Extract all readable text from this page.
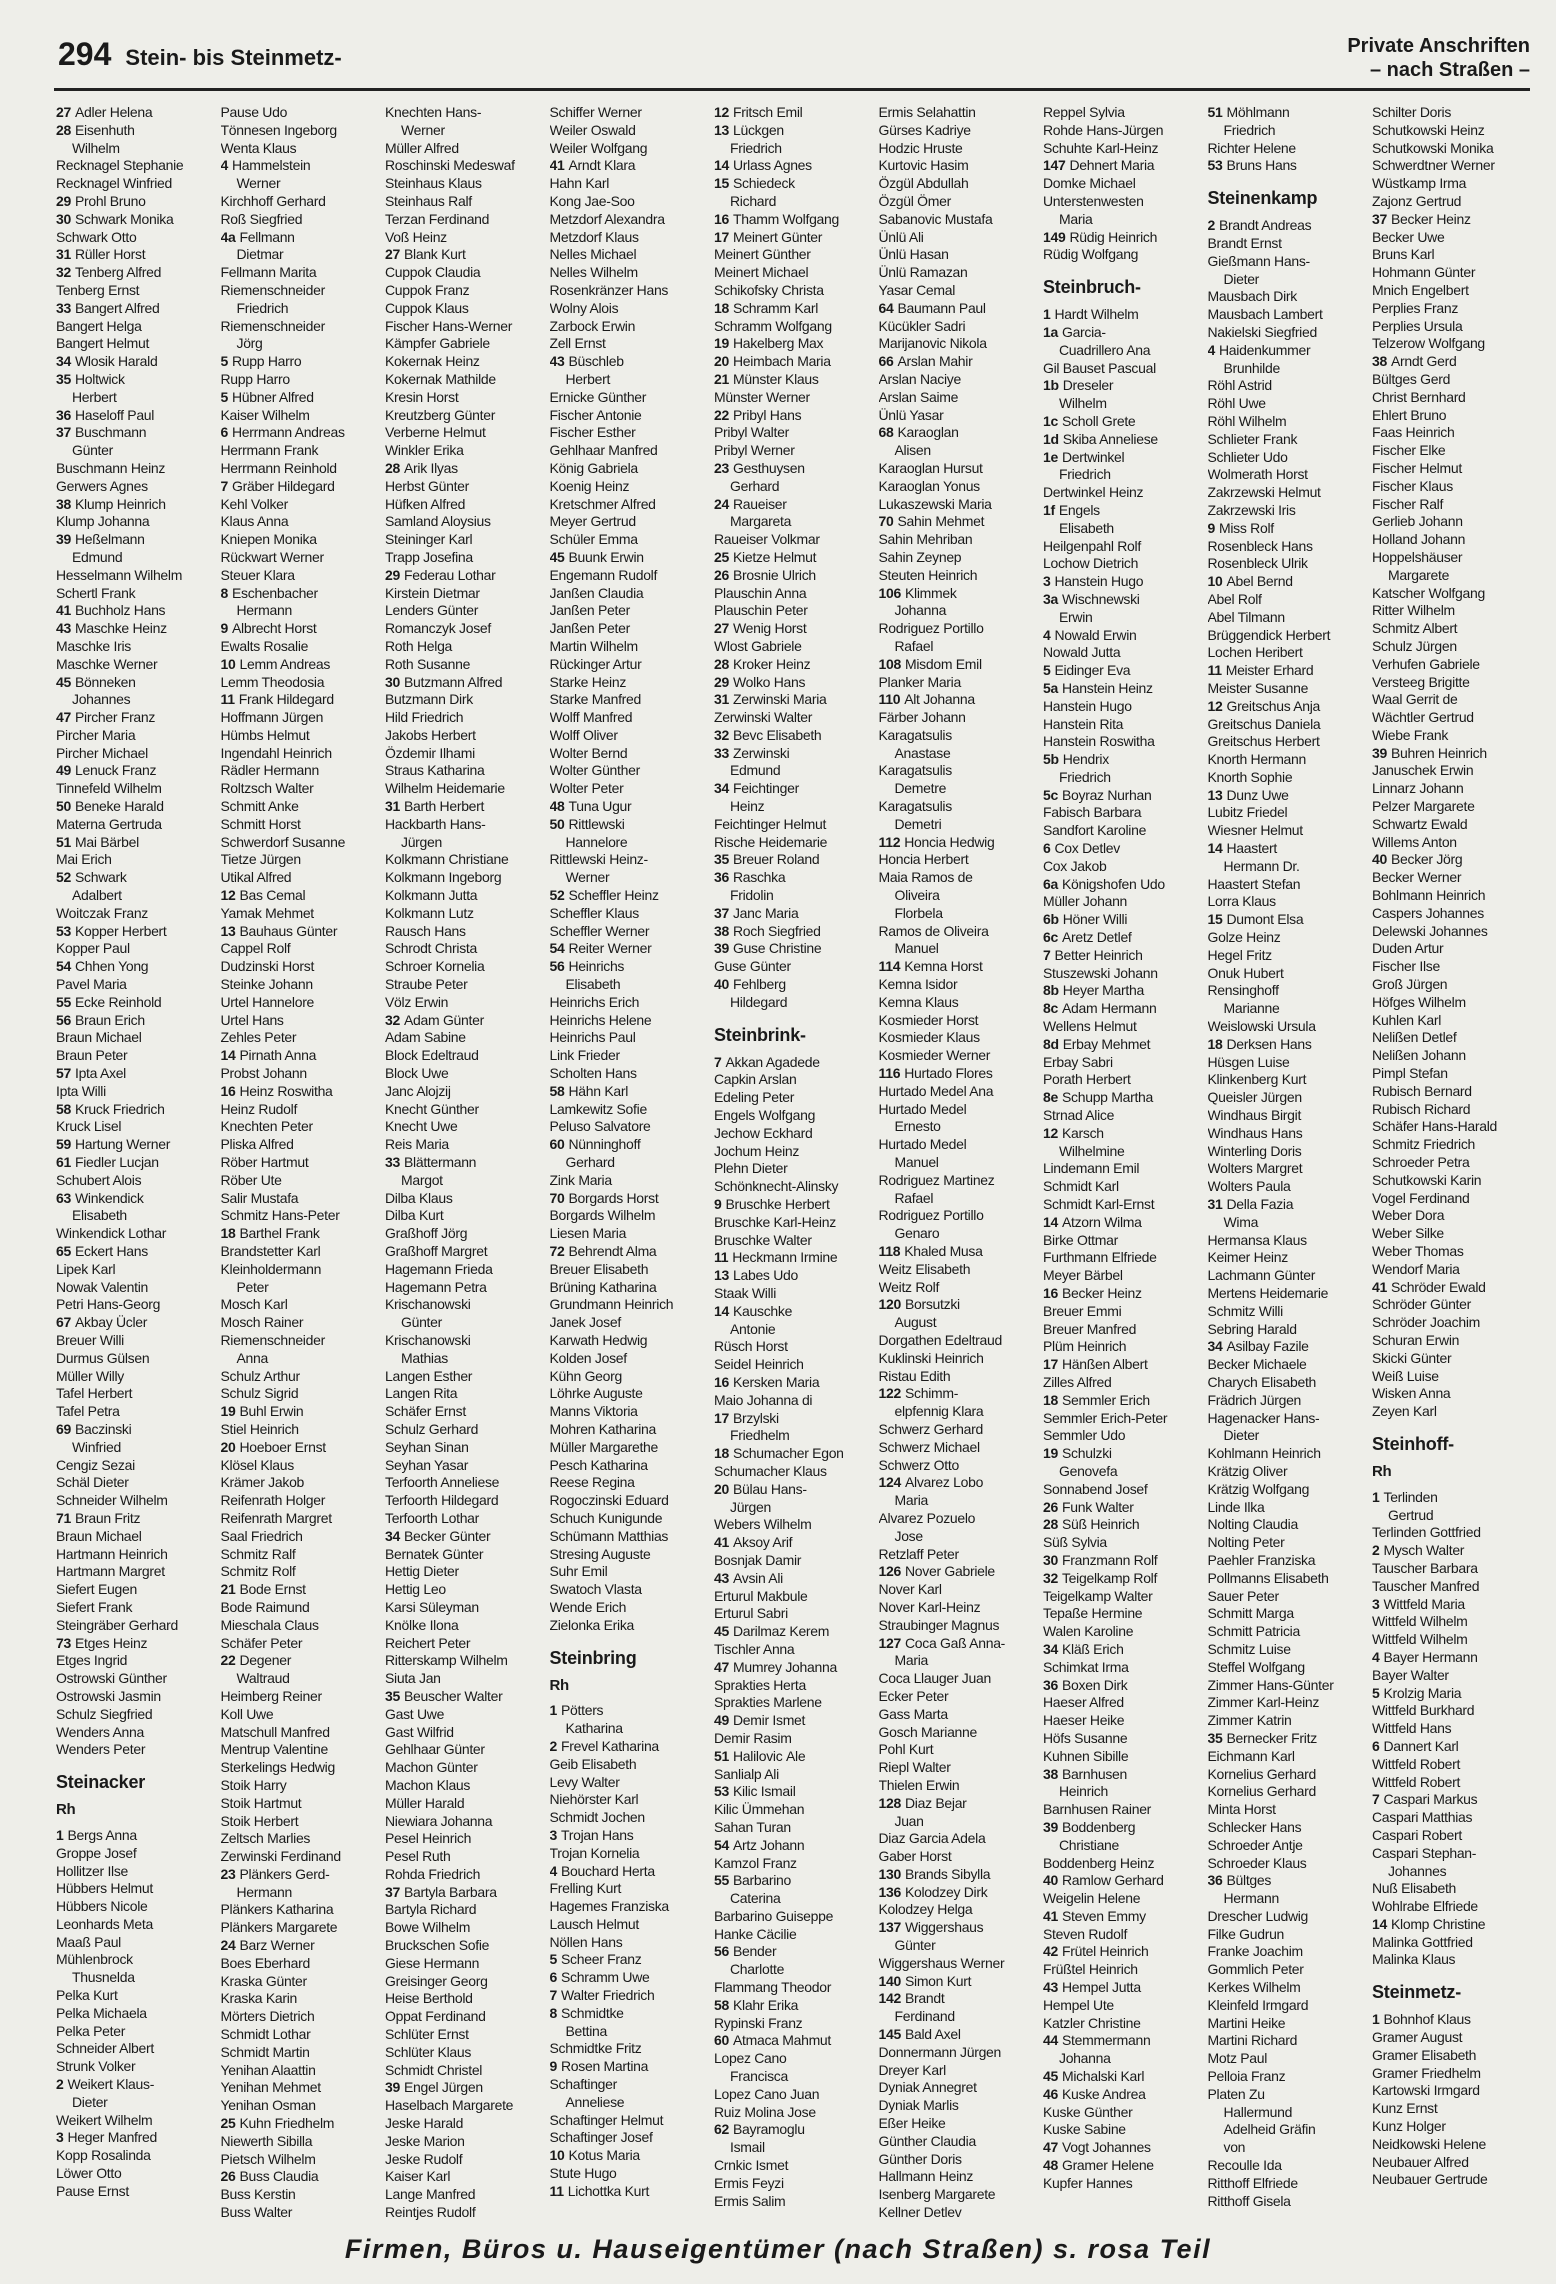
294 Stein- bis Steinmetz-	Private Anschriften
– nach Straßen –
27 Adler Helena
28 Eisenhuth
Wilhelm
Recknagel Stephanie
Recknagel Winfried
29 Prohl Bruno
30 Schwark Monika
Schwark Otto
31 Rüller Horst
32 Tenberg Alfred
Tenberg Ernst
33 Bangert Alfred
Bangert Helga
Bangert Helmut
34 Wlosik Harald
35 Holtwick
Herbert
36 Haseloff Paul
37 Buschmann
Günter
Buschmann Heinz
Gerwers Agnes
38 Klump Heinrich
Klump Johanna
39 Heßelmann
Edmund
Hesselmann Wilhelm
Schertl Frank
41 Buchholz Hans
43 Maschke Heinz
Maschke Iris
Maschke Werner
45 Bönneken
Johannes
47 Pircher Franz
Pircher Maria
Pircher Michael
49 Lenuck Franz
Tinnefeld Wilhelm
50 Beneke Harald
Materna Gertruda
51 Mai Bärbel
Mai Erich
52 Schwark
Adalbert
Woitczak Franz
53 Kopper Herbert
Kopper Paul
54 Chhen Yong
Pavel Maria
55 Ecke Reinhold
56 Braun Erich
Braun Michael
Braun Peter
57 Ipta Axel
Ipta Willi
58 Kruck Friedrich
Kruck Lisel
59 Hartung Werner
61 Fiedler Lucjan
Schubert Alois
63 Winkendick
Elisabeth
Winkendick Lothar
65 Eckert Hans
Lipek Karl
Nowak Valentin
Petri Hans-Georg
67 Akbay Ücler
Breuer Willi
Durmus Gülsen
Müller Willy
Tafel Herbert
Tafel Petra
69 Baczinski
Winfried
Cengiz Sezai
Schäl Dieter
Schneider Wilhelm
71 Braun Fritz
Braun Michael
Hartmann Heinrich
Hartmann Margret
Siefert Eugen
Siefert Frank
Steingräber Gerhard
73 Etges Heinz
Etges Ingrid
Ostrowski Günther
Ostrowski Jasmin
Schulz Siegfried
Wenders Anna
Wenders Peter
Steinacker
Rh
1 Bergs Anna
Groppe Josef
Hollitzer Ilse
Hübbers Helmut
Hübbers Nicole
Leonhards Meta
Maaß Paul
Mühlenbrock
Thusnelda
Pelka Kurt
Pelka Michaela
Pelka Peter
Schneider Albert
Strunk Volker
2 Weikert Klaus-
Dieter
Weikert Wilhelm
3 Heger Manfred
Kopp Rosalinda
Löwer Otto
Pause Ernst
Pause Udo
Tönnesen Ingeborg
Wenta Klaus
4 Hammelstein
Werner
Kirchhoff Gerhard
Roß Siegfried
4a Fellmann
Dietmar
Fellmann Marita
Riemenschneider
Friedrich
Riemenschneider
Jörg
5 Rupp Harro
Rupp Harro
5 Hübner Alfred
Kaiser Wilhelm
6 Herrmann Andreas
Herrmann Frank
Herrmann Reinhold
7 Gräber Hildegard
Kehl Volker
Klaus Anna
Kniepen Monika
Rückwart Werner
Steuer Klara
8 Eschenbacher
Hermann
9 Albrecht Horst
Ewalts Rosalie
10 Lemm Andreas
Lemm Theodosia
11 Frank Hildegard
Hoffmann Jürgen
Hümbs Helmut
Ingendahl Heinrich
Rädler Hermann
Roltzsch Walter
Schmitt Anke
Schmitt Horst
Schwerdorf Susanne
Tietze Jürgen
Utikal Alfred
12 Bas Cemal
Yamak Mehmet
13 Bauhaus Günter
Cappel Rolf
Dudzinski Horst
Steinke Johann
Urtel Hannelore
Urtel Hans
Zehles Peter
14 Pirnath Anna
Probst Johann
16 Heinz Roswitha
Heinz Rudolf
Knechten Peter
Pliska Alfred
Röber Hartmut
Röber Ute
Salir Mustafa
Schmitz Hans-Peter
18 Barthel Frank
Brandstetter Karl
Kleinholdermann
Peter
Mosch Karl
Mosch Rainer
Riemenschneider
Anna
Schulz Arthur
Schulz Sigrid
19 Buhl Erwin
Stiel Heinrich
20 Hoeboer Ernst
Klösel Klaus
Krämer Jakob
Reifenrath Holger
Reifenrath Margret
Saal Friedrich
Schmitz Ralf
Schmitz Rolf
21 Bode Ernst
Bode Raimund
Mieschala Claus
Schäfer Peter
22 Degener
Waltraud
Heimberg Reiner
Koll Uwe
Matschull Manfred
Mentrup Valentine
Sterkelings Hedwig
Stoik Harry
Stoik Hartmut
Stoik Herbert
Zeltsch Marlies
Zerwinski Ferdinand
23 Plänkers Gerd-
Hermann
Plänkers Katharina
Plänkers Margarete
24 Barz Werner
Boes Eberhard
Kraska Günter
Kraska Karin
Mörters Dietrich
Schmidt Lothar
Schmidt Martin
Yenihan Alaattin
Yenihan Mehmet
Yenihan Osman
25 Kuhn Friedhelm
Niewerth Sibilla
Pietsch Wilhelm
26 Buss Claudia
Buss Kerstin
Buss Walter
Knechten Hans-
Werner
Müller Alfred
Roschinski Medeswaf
Steinhaus Klaus
Steinhaus Ralf
Terzan Ferdinand
Voß Heinz
27 Blank Kurt
Cuppok Claudia
Cuppok Franz
Cuppok Klaus
Fischer Hans-Werner
Kämpfer Gabriele
Kokernak Heinz
Kokernak Mathilde
Kresin Horst
Kreutzberg Günter
Verberne Helmut
Winkler Erika
28 Arik Ilyas
Herbst Günter
Hüfken Alfred
Samland Aloysius
Steininger Karl
Trapp Josefina
29 Federau Lothar
Kirstein Dietmar
Lenders Günter
Romanczyk Josef
Roth Helga
Roth Susanne
30 Butzmann Alfred
Butzmann Dirk
Hild Friedrich
Jakobs Herbert
Özdemir Ilhami
Straus Katharina
Wilhelm Heidemarie
31 Barth Herbert
Hackbarth Hans-
Jürgen
Kolkmann Christiane
Kolkmann Ingeborg
Kolkmann Jutta
Kolkmann Lutz
Rausch Hans
Schrodt Christa
Schroer Kornelia
Straube Peter
Völz Erwin
32 Adam Günter
Adam Sabine
Block Edeltraud
Block Uwe
Janc Alojzij
Knecht Günther
Knecht Uwe
Reis Maria
33 Blättermann
Margot
Dilba Klaus
Dilba Kurt
Graßhoff Jörg
Graßhoff Margret
Hagemann Frieda
Hagemann Petra
Krischanowski
Günter
Krischanowski
Mathias
Langen Esther
Langen Rita
Schäfer Ernst
Schulz Gerhard
Seyhan Sinan
Seyhan Yasar
Terfoorth Anneliese
Terfoorth Hildegard
Terfoorth Lothar
34 Becker Günter
Bernatek Günter
Hettig Dieter
Hettig Leo
Karsi Süleyman
Knölke Ilona
Reichert Peter
Ritterskamp Wilhelm
Siuta Jan
35 Beuscher Walter
Gast Uwe
Gast Wilfrid
Gehlhaar Günter
Machon Günter
Machon Klaus
Müller Harald
Niewiara Johanna
Pesel Heinrich
Pesel Ruth
Rohda Friedrich
37 Bartyla Barbara
Bartyla Richard
Bowe Wilhelm
Bruckschen Sofie
Giese Hermann
Greisinger Georg
Heise Berthold
Oppat Ferdinand
Schlüter Ernst
Schlüter Klaus
Schmidt Christel
39 Engel Jürgen
Haselbach Margarete
Jeske Harald
Jeske Marion
Jeske Rudolf
Kaiser Karl
Lange Manfred
Reintjes Rudolf
Schiffer Werner
Weiler Oswald
Weiler Wolfgang
41 Arndt Klara
Hahn Karl
Kong Jae-Soo
Metzdorf Alexandra
Metzdorf Klaus
Nelles Michael
Nelles Wilhelm
Rosenkränzer Hans
Wolny Alois
Zarbock Erwin
Zell Ernst
43 Büschleb
Herbert
Ernicke Günther
Fischer Antonie
Fischer Esther
Gehlhaar Manfred
König Gabriela
Koenig Heinz
Kretschmer Alfred
Meyer Gertrud
Schüler Emma
45 Buunk Erwin
Engemann Rudolf
Janßen Claudia
Janßen Peter
Janßen Peter
Martin Wilhelm
Rückinger Artur
Starke Heinz
Starke Manfred
Wolff Manfred
Wolff Oliver
Wolter Bernd
Wolter Günther
Wolter Peter
48 Tuna Ugur
50 Rittlewski
Hannelore
Rittlewski Heinz-
Werner
52 Scheffler Heinz
Scheffler Klaus
Scheffler Werner
54 Reiter Werner
56 Heinrichs
Elisabeth
Heinrichs Erich
Heinrichs Helene
Heinrichs Paul
Link Frieder
Scholten Hans
58 Hähn Karl
Lamkewitz Sofie
Peluso Salvatore
60 Nünninghoff
Gerhard
Zink Maria
70 Borgards Horst
Borgards Wilhelm
Liesen Maria
72 Behrendt Alma
Breuer Elisabeth
Brüning Katharina
Grundmann Heinrich
Janek Josef
Karwath Hedwig
Kolden Josef
Kühn Georg
Löhrke Auguste
Manns Viktoria
Mohren Katharina
Müller Margarethe
Pesch Katharina
Reese Regina
Rogoczinski Eduard
Schuch Kunigunde
Schümann Matthias
Stresing Auguste
Suhr Emil
Swatoch Vlasta
Wende Erich
Zielonka Erika
Steinbring
Rh
1 Pötters
Katharina
2 Frevel Katharina
Geib Elisabeth
Levy Walter
Niehörster Karl
Schmidt Jochen
3 Trojan Hans
Trojan Kornelia
4 Bouchard Herta
Frelling Kurt
Hagemes Franziska
Lausch Helmut
Nöllen Hans
5 Scheer Franz
6 Schramm Uwe
7 Walter Friedrich
8 Schmidtke
Bettina
Schmidtke Fritz
9 Rosen Martina
Schaftinger
Anneliese
Schaftinger Helmut
Schaftinger Josef
10 Kotus Maria
Stute Hugo
11 Lichottka Kurt
12 Fritsch Emil
13 Lückgen
Friedrich
14 Urlass Agnes
15 Schiedeck
Richard
16 Thamm Wolfgang
17 Meinert Günter
Meinert Günther
Meinert Michael
Schikofsky Christa
18 Schramm Karl
Schramm Wolfgang
19 Hakelberg Max
20 Heimbach Maria
21 Münster Klaus
Münster Werner
22 Pribyl Hans
Pribyl Walter
Pribyl Werner
23 Gesthuysen
Gerhard
24 Raueiser
Margareta
Raueiser Volkmar
25 Kietze Helmut
26 Brosnie Ulrich
Plauschin Anna
Plauschin Peter
27 Wenig Horst
Wlost Gabriele
28 Kroker Heinz
29 Wolko Hans
31 Zerwinski Maria
Zerwinski Walter
32 Bevc Elisabeth
33 Zerwinski
Edmund
34 Feichtinger
Heinz
Feichtinger Helmut
Rische Heidemarie
35 Breuer Roland
36 Raschka
Fridolin
37 Janc Maria
38 Roch Siegfried
39 Guse Christine
Guse Günter
40 Fehlberg
Hildegard
Steinbrink-
7 Akkan Agadede
Capkin Arslan
Edeling Peter
Engels Wolfgang
Jechow Eckhard
Jochum Heinz
Plehn Dieter
Schönknecht-Alinsky
9 Bruschke Herbert
Bruschke Karl-Heinz
Bruschke Walter
11 Heckmann Irmine
13 Labes Udo
Staak Willi
14 Kauschke
Antonie
Rüsch Horst
Seidel Heinrich
16 Kersken Maria
Maio Johanna di
17 Brzylski
Friedhelm
18 Schumacher Egon
Schumacher Klaus
20 Bülau Hans-
Jürgen
Webers Wilhelm
41 Aksoy Arif
Bosnjak Damir
43 Avsin Ali
Erturul Makbule
Erturul Sabri
45 Darilmaz Kerem
Tischler Anna
47 Mumrey Johanna
Sprakties Herta
Sprakties Marlene
49 Demir Ismet
Demir Rasim
51 Haliloviс Ale
Sanlialp Ali
53 Kilic Ismail
Kilic Ümmehan
Sahan Turan
54 Artz Johann
Kamzol Franz
55 Barbarino
Caterina
Barbarino Guiseppe
Hanke Cäcilie
56 Bender
Charlotte
Flammang Theodor
58 Klahr Erika
Rypinski Franz
60 Atmaca Mahmut
Lopez Cano
Francisca
Lopez Cano Juan
Ruiz Molina Jose
62 Bayramoglu
Ismail
Crnkic Ismet
Ermis Feyzi
Ermis Salim
Ermis Selahattin
Gürses Kadriye
Hodzic Hruste
Kurtovic Hasim
Özgül Abdullah
Özgül Ömer
Sabanovic Mustafa
Ünlü Ali
Ünlü Hasan
Ünlü Ramazan
Yasar Cemal
64 Baumann Paul
Kücükler Sadri
Marijanovic Nikola
66 Arslan Mahir
Arslan Naciye
Arslan Saime
Ünlü Yasar
68 Karaoglan
Alisen
Karaoglan Hursut
Karaoglan Yonus
Lukaszewski Maria
70 Sahin Mehmet
Sahin Mehriban
Sahin Zeynep
Steuten Heinrich
106 Klimmek
Johanna
Rodriguez Portillo
Rafael
108 Misdom Emil
Planker Maria
110 Alt Johanna
Färber Johann
Karagatsulis
Anastase
Karagatsulis
Demetre
Karagatsulis
Demetri
112 Honcia Hedwig
Honcia Herbert
Maia Ramos de
Oliveira
Florbela
Ramos de Oliveira
Manuel
114 Kemna Horst
Kemna Isidor
Kemna Klaus
Kosmieder Horst
Kosmieder Klaus
Kosmieder Werner
116 Hurtado Flores
Hurtado Medel Ana
Hurtado Medel
Ernesto
Hurtado Medel
Manuel
Rodriguez Martinez
Rafael
Rodriguez Portillo
Genaro
118 Khaled Musa
Weitz Elisabeth
Weitz Rolf
120 Borsutzki
August
Dorgathen Edeltraud
Kuklinski Heinrich
Ristau Edith
122 Schimm-
elpfennig Klara
Schwerz Gerhard
Schwerz Michael
Schwerz Otto
124 Alvarez Lobo
Maria
Alvarez Pozuelo
Jose
Retzlaff Peter
126 Nover Gabriele
Nover Karl
Nover Karl-Heinz
Straubinger Magnus
127 Coca Gaß Anna-
Maria
Coca Llauger Juan
Ecker Peter
Gass Marta
Gosch Marianne
Pohl Kurt
Riepl Walter
Thielen Erwin
128 Diaz Bejar
Juan
Diaz Garcia Adela
Gaber Horst
130 Brands Sibylla
136 Kolodzey Dirk
Kolodzey Helga
137 Wiggershaus
Günter
Wiggershaus Werner
140 Simon Kurt
142 Brandt
Ferdinand
145 Bald Axel
Donnermann Jürgen
Dreyer Karl
Dyniak Annegret
Dyniak Marlis
Eßer Heike
Günther Claudia
Günther Doris
Hallmann Heinz
Isenberg Margarete
Kellner Detlev
Reppel Sylvia
Rohde Hans-Jürgen
Schuhte Karl-Heinz
147 Dehnert Maria
Domke Michael
Unterstenwesten
Maria
149 Rüdig Heinrich
Rüdig Wolfgang
Steinbruch-
1 Hardt Wilhelm
1a Garcia-
Cuadrillero Ana
Gil Bauset Pascual
1b Dreseler
Wilhelm
1c Scholl Grete
1d Skiba Anneliese
1e Dertwinkel
Friedrich
Dertwinkel Heinz
1f Engels
Elisabeth
Heilgenpahl Rolf
Lochow Dietrich
3 Hanstein Hugo
3a Wischnewski
Erwin
4 Nowald Erwin
Nowald Jutta
5 Eidinger Eva
5a Hanstein Heinz
Hanstein Hugo
Hanstein Rita
Hanstein Roswitha
5b Hendrix
Friedrich
5c Boyraz Nurhan
Fabisch Barbara
Sandfort Karoline
6 Cox Detlev
Cox Jakob
6a Königshofen Udo
Müller Johann
6b Höner Willi
6c Aretz Detlef
7 Better Heinrich
Stuszewski Johann
8b Heyer Martha
8c Adam Hermann
Wellens Helmut
8d Erbay Mehmet
Erbay Sabri
Porath Herbert
8e Schupp Martha
Strnad Alice
12 Karsch
Wilhelmine
Lindemann Emil
Schmidt Karl
Schmidt Karl-Ernst
14 Atzorn Wilma
Birke Ottmar
Furthmann Elfriede
Meyer Bärbel
16 Becker Heinz
Breuer Emmi
Breuer Manfred
Plüm Heinrich
17 Hänßen Albert
Zilles Alfred
18 Semmler Erich
Semmler Erich-Peter
Semmler Udo
19 Schulzki
Genovefa
Sonnabend Josef
26 Funk Walter
28 Süß Heinrich
Süß Sylvia
30 Franzmann Rolf
32 Teigelkamp Rolf
Teigelkamp Walter
Tepaße Hermine
Walen Karoline
34 Kläß Erich
Schimkat Irma
36 Boxen Dirk
Haeser Alfred
Haeser Heike
Höfs Susanne
Kuhnen Sibille
38 Barnhusen
Heinrich
Barnhusen Rainer
39 Boddenberg
Christiane
Boddenberg Heinz
40 Ramlow Gerhard
Weigelin Helene
41 Steven Emmy
Steven Rudolf
42 Frütel Heinrich
Früßtel Heinrich
43 Hempel Jutta
Hempel Ute
Katzler Christine
44 Stemmermann
Johanna
45 Michalski Karl
46 Kuske Andrea
Kuske Günther
Kuske Sabine
47 Vogt Johannes
48 Gramer Helene
Kupfer Hannes
51 Möhlmann
Friedrich
Richter Helene
53 Bruns Hans
Steinenkamp
2 Brandt Andreas
Brandt Ernst
Gießmann Hans-
Dieter
Mausbach Dirk
Mausbach Lambert
Nakielski Siegfried
4 Haidenkummer
Brunhilde
Röhl Astrid
Röhl Uwe
Röhl Wilhelm
Schlieter Frank
Schlieter Udo
Wolmerath Horst
Zakrzewski Helmut
Zakrzewski Iris
9 Miss Rolf
Rosenbleck Hans
Rosenbleck Ulrik
10 Abel Bernd
Abel Rolf
Abel Tilmann
Brüggendick Herbert
Lochen Heribert
11 Meister Erhard
Meister Susanne
12 Greitschus Anja
Greitschus Daniela
Greitschus Herbert
Knorth Hermann
Knorth Sophie
13 Dunz Uwe
Lubitz Friedel
Wiesner Helmut
14 Haastert
Hermann Dr.
Haastert Stefan
Lorra Klaus
15 Dumont Elsa
Golze Heinz
Hegel Fritz
Onuk Hubert
Rensinghoff
Marianne
Weislowski Ursula
18 Derksen Hans
Hüsgen Luise
Klinkenberg Kurt
Queisler Jürgen
Windhaus Birgit
Windhaus Hans
Winterling Doris
Wolters Margret
Wolters Paula
31 Della Fazia
Wima
Hermansa Klaus
Keimer Heinz
Lachmann Günter
Mertens Heidemarie
Schmitz Willi
Sebring Harald
34 Asilbay Fazile
Becker Michaele
Charych Elisabeth
Frädrich Jürgen
Hagenacker Hans-
Dieter
Kohlmann Heinrich
Krätzig Oliver
Krätzig Wolfgang
Linde Ilka
Nolting Claudia
Nolting Peter
Paehler Franziska
Pollmanns Elisabeth
Sauer Peter
Schmitt Marga
Schmitt Patricia
Schmitz Luise
Steffel Wolfgang
Zimmer Hans-Günter
Zimmer Karl-Heinz
Zimmer Katrin
35 Bernecker Fritz
Eichmann Karl
Kornelius Gerhard
Kornelius Gerhard
Minta Horst
Schlecker Hans
Schroeder Antje
Schroeder Klaus
36 Bültges
Hermann
Drescher Ludwig
Filke Gudrun
Franke Joachim
Gommlich Peter
Kerkes Wilhelm
Kleinfeld Irmgard
Martini Heike
Martini Richard
Motz Paul
Pelloia Franz
Platen Zu
Hallermund
Adelheid Gräfin
von
Recoulle Ida
Ritthoff Elfriede
Ritthoff Gisela
Schilter Doris
Schutkowski Heinz
Schutkowski Monika
Schwerdtner Werner
Wüstkamp Irma
Zajonz Gertrud
37 Becker Heinz
Becker Uwe
Bruns Karl
Hohmann Günter
Mnich Engelbert
Perplies Franz
Perplies Ursula
Telzerow Wolfgang
38 Arndt Gerd
Bültges Gerd
Christ Bernhard
Ehlert Bruno
Faas Heinrich
Fischer Elke
Fischer Helmut
Fischer Klaus
Fischer Ralf
Gerlieb Johann
Holland Johann
Hoppelshäuser
Margarete
Katscher Wolfgang
Ritter Wilhelm
Schmitz Albert
Schulz Jürgen
Verhufen Gabriele
Versteeg Brigitte
Waal Gerrit de
Wächtler Gertrud
Wiebe Frank
39 Buhren Heinrich
Januschek Erwin
Linnarz Johann
Pelzer Margarete
Schwartz Ewald
Willems Anton
40 Becker Jörg
Becker Werner
Bohlmann Heinrich
Caspers Johannes
Delewski Johannes
Duden Artur
Fischer Ilse
Groß Jürgen
Höfges Wilhelm
Kuhlen Karl
Nelißen Detlef
Nelißen Johann
Pimpl Stefan
Rubisch Bernard
Rubisch Richard
Schäfer Hans-Harald
Schmitz Friedrich
Schroeder Petra
Schutkowski Karin
Vogel Ferdinand
Weber Dora
Weber Silke
Weber Thomas
Wendorf Maria
41 Schröder Ewald
Schröder Günter
Schröder Joachim
Schuran Erwin
Skicki Günter
Weiß Luise
Wisken Anna
Zeyen Karl
Steinhoff-
Rh
1 Terlinden
Gertrud
Terlinden Gottfried
2 Mysch Walter
Tauscher Barbara
Tauscher Manfred
3 Wittfeld Maria
Wittfeld Wilhelm
Wittfeld Wilhelm
4 Bayer Hermann
Bayer Walter
5 Krolzig Maria
Wittfeld Burkhard
Wittfeld Hans
6 Dannert Karl
Wittfeld Robert
Wittfeld Robert
7 Caspari Markus
Caspari Matthias
Caspari Robert
Caspari Stephan-
Johannes
Nuß Elisabeth
Wohlrabe Elfriede
14 Klomp Christine
Malinka Gottfried
Malinka Klaus
Steinmetz-
1 Bohnhof Klaus
Gramer August
Gramer Elisabeth
Gramer Friedhelm
Kartowski Irmgard
Kunz Ernst
Kunz Holger
Neidkowski Helene
Neubauer Alfred
Neubauer Gertrude
Firmen, Büros u. Hauseigentümer (nach Straßen) s. rosa Teil
